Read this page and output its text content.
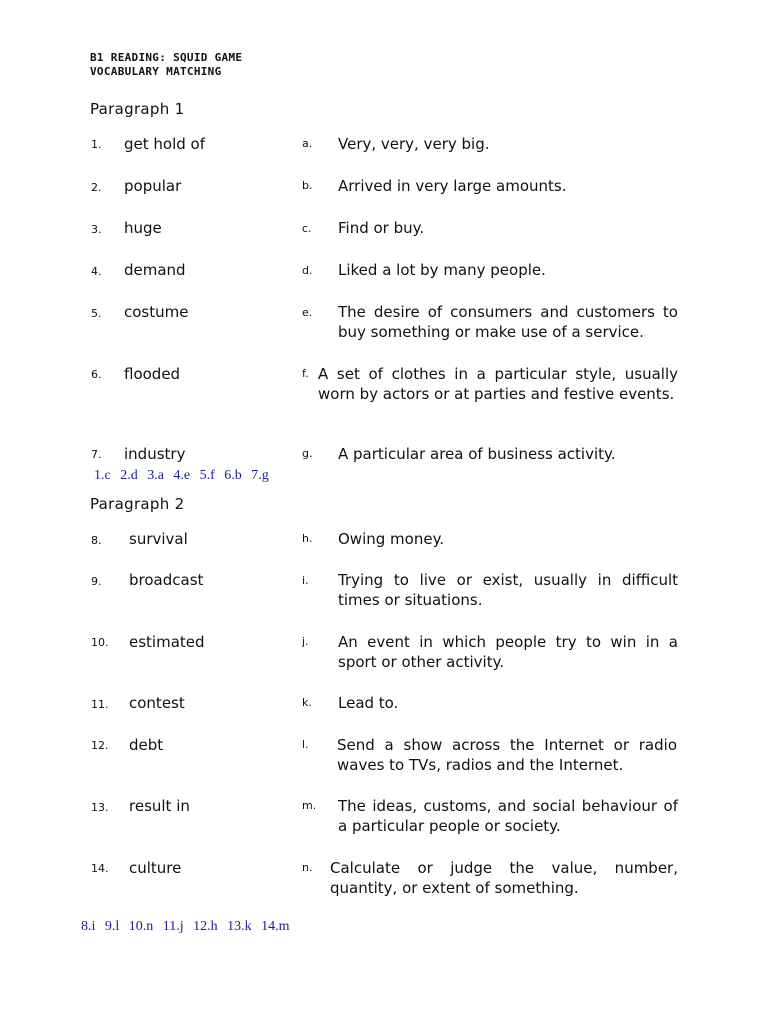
B1 READING: SQUID GAME
VOCABULARY MATCHING
Paragraph 1
1. get hold of	a. Very, very, very big.
2. popular	b. Arrived in very large amounts.
3. huge	c. Find or buy.
4. demand	d. Liked a lot by many people.
5. costume	e. The desire of consumers and customers to buy something or make use of a service.
6. flooded	f. A set of clothes in a particular style, usually worn by actors or at parties and festive events.
7. industry	g. A particular area of business activity.
1.c 2.d 3.a 4.e 5.f 6.b 7.g
Paragraph 2
8. survival	h. Owing money.
9. broadcast	i. Trying to live or exist, usually in difficult times or situations.
10. estimated	j. An event in which people try to win in a sport or other activity.
11. contest	k. Lead to.
12. debt	l. Send a show across the Internet or radio waves to TVs, radios and the Internet.
13. result in	m. The ideas, customs, and social behaviour of a particular people or society.
14. culture	n. Calculate or judge the value, number, quantity, or extent of something.
8.i 9.l 10.n 11.j 12.h 13.k 14.m
